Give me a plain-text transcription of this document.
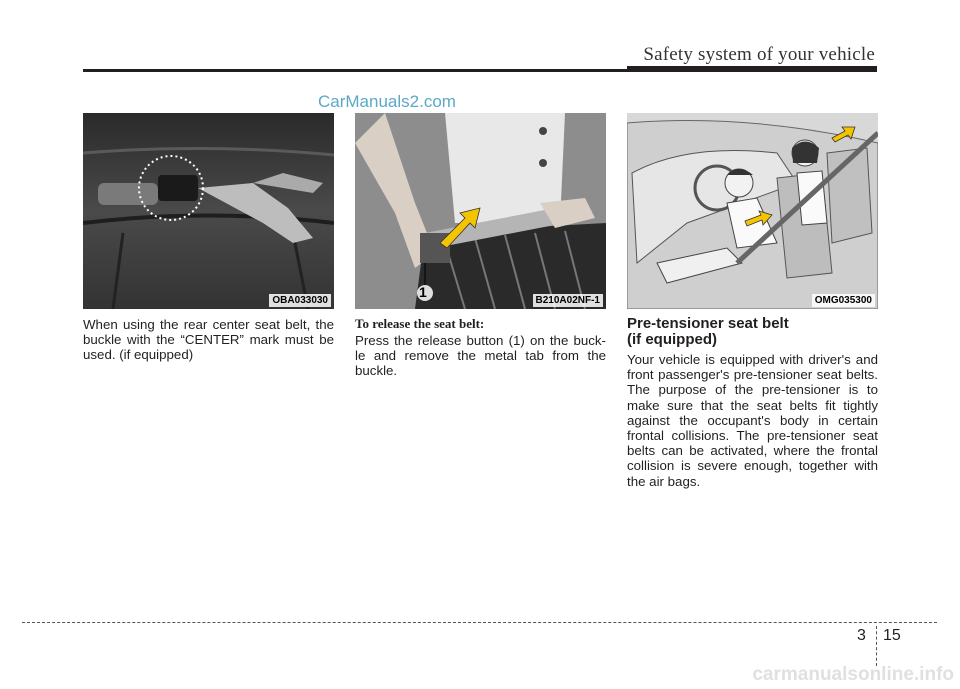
Safety system of your vehicle
CarManuals2.com
OBA033030
1
B210A02NF-1	OMG035300
When using the rear center seat belt, the buckle with the “CENTER” mark must be used. (if equipped)
To release the seat belt:
Press the release button (1) on the buck-le and remove the metal tab from the buckle.
Pre-tensioner seat belt
(if equipped)
Your vehicle is equipped with driver's and front passenger's pre-tensioner seat belts. The purpose of the pre-tensioner is to make sure that the seat belts fit tightly against the occupant's body in certain frontal collisions. The pre-tensioner seat belts can be activated, where the frontal collision is severe enough, together with the air bags.
3 15
carmanualsonline.info
